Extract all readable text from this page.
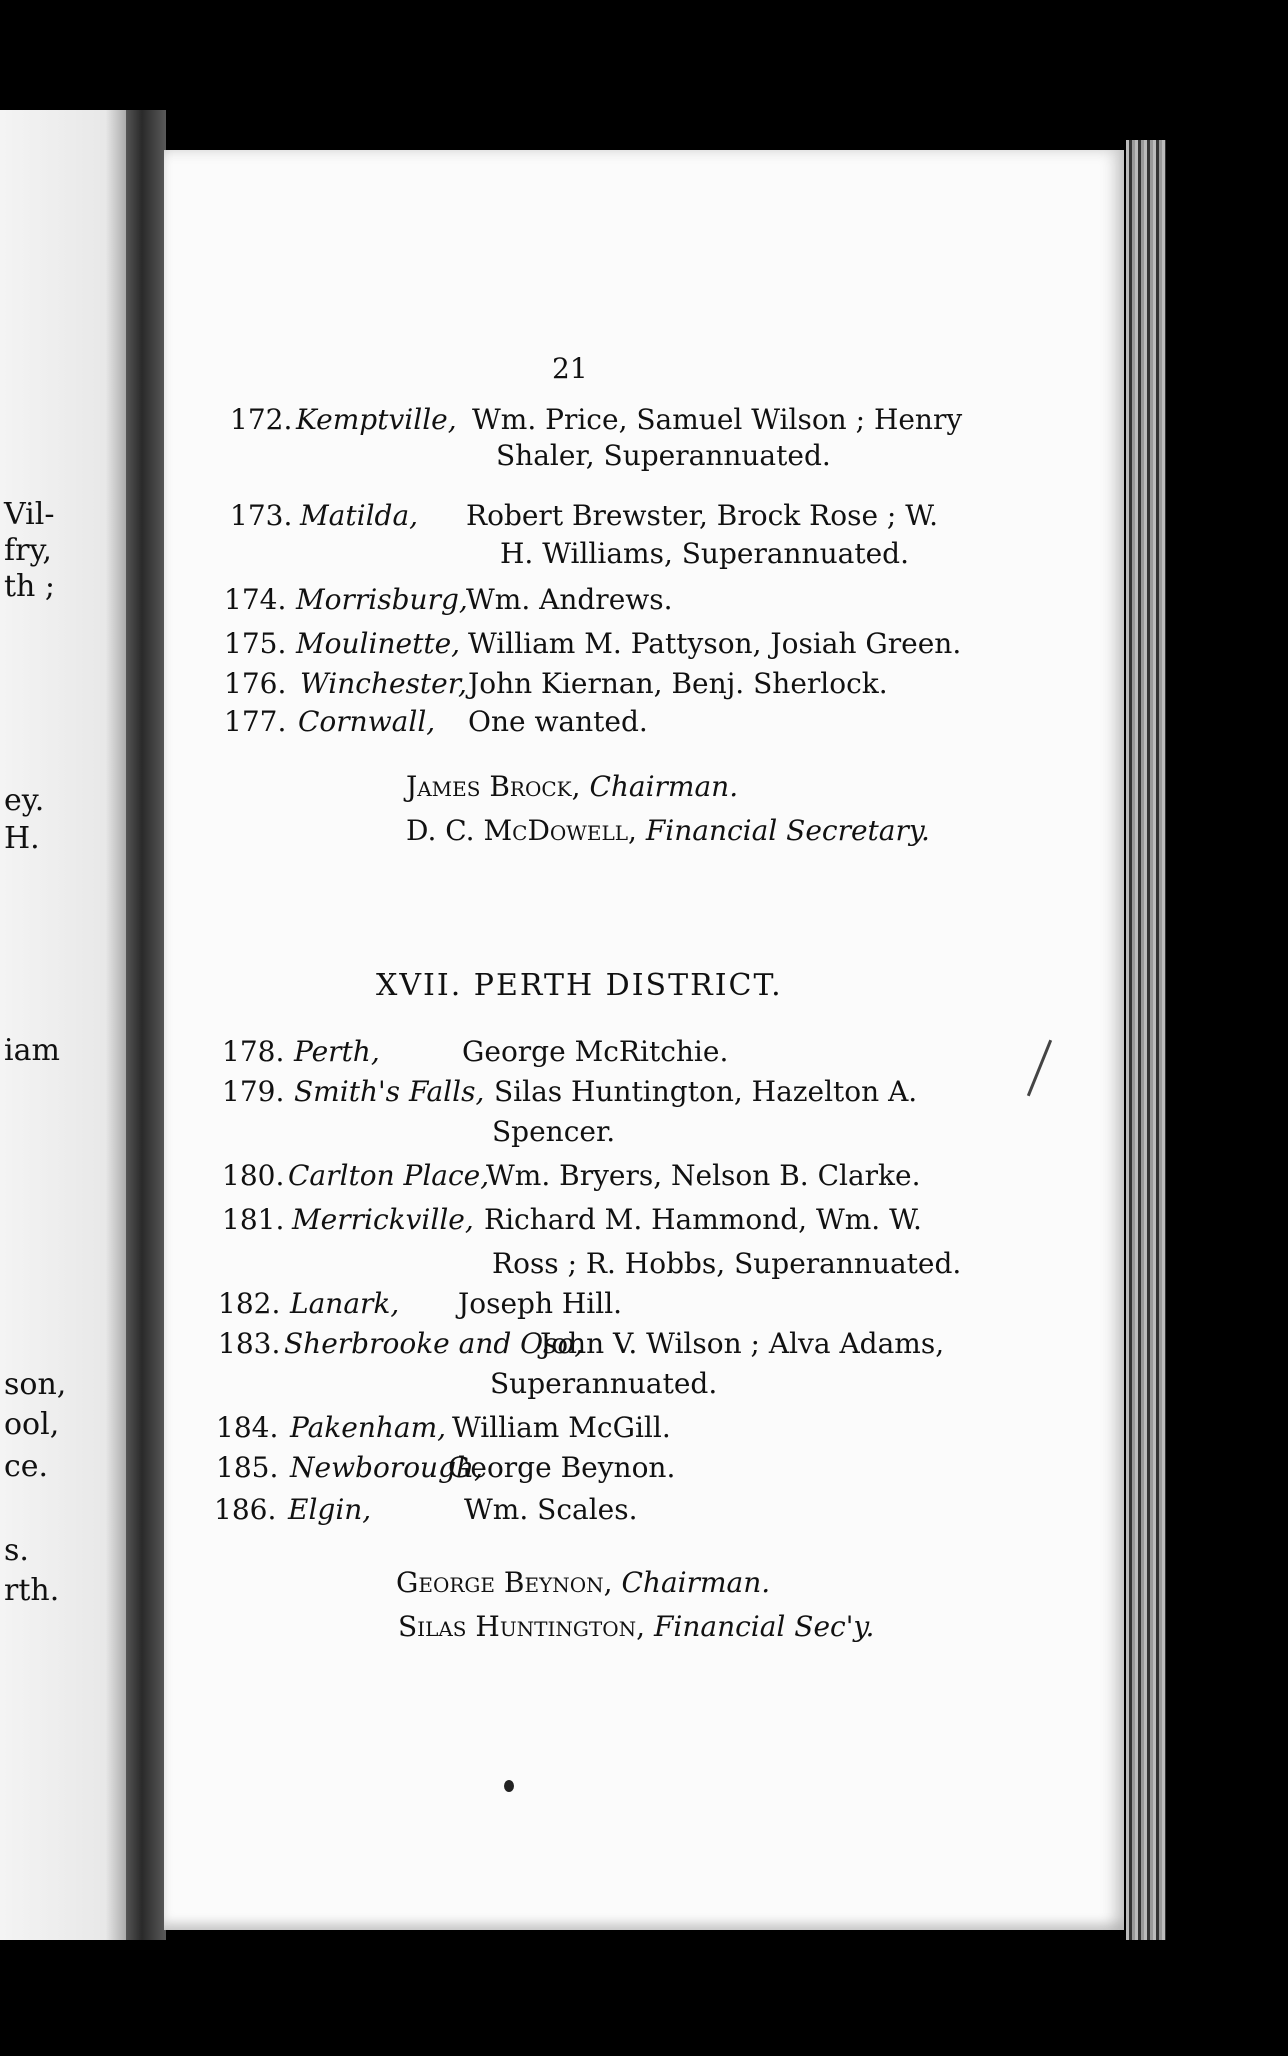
Vil-
fry,
th ;
ey.
H.
iam
son,
ool,
ce.
s.
rth.
21
172. Kemptville, Wm. Price, Samuel Wilson ; Henry
Shaler, Superannuated.
173. Matilda, Robert Brewster, Brock Rose ; W.
H. Williams, Superannuated.
174. Morrisburg,
Wm. Andrews.
175. Moulinette, William M. Pattyson, Josiah Green.
176. Winchester, John Kiernan, Benj. Sherlock.
177. Cornwall, One wanted.
James Brock, Chairman.
D. C. McDowell, Financial Secretary.
XVII. PERTH DISTRICT.
178. Perth,	George McRitchie.
179. Smith's Falls, Silas Huntington, Hazelton A.
Spencer.
180. Carlton Place,
Wm. Bryers, Nelson B. Clarke.
181. Merrickville, Richard M. Hammond, Wm. W.
Ross ; R. Hobbs, Superannuated.
182. Lanark, Joseph Hill.
183. Sherbrooke and Oso,
John V. Wilson ; Alva Adams,
Superannuated.
184. Pakenham, William McGill.
185. Newborough,
George Beynon.
186. Elgin,	Wm. Scales.
George Beynon, Chairman.
Silas Huntington, Financial Sec'y.
